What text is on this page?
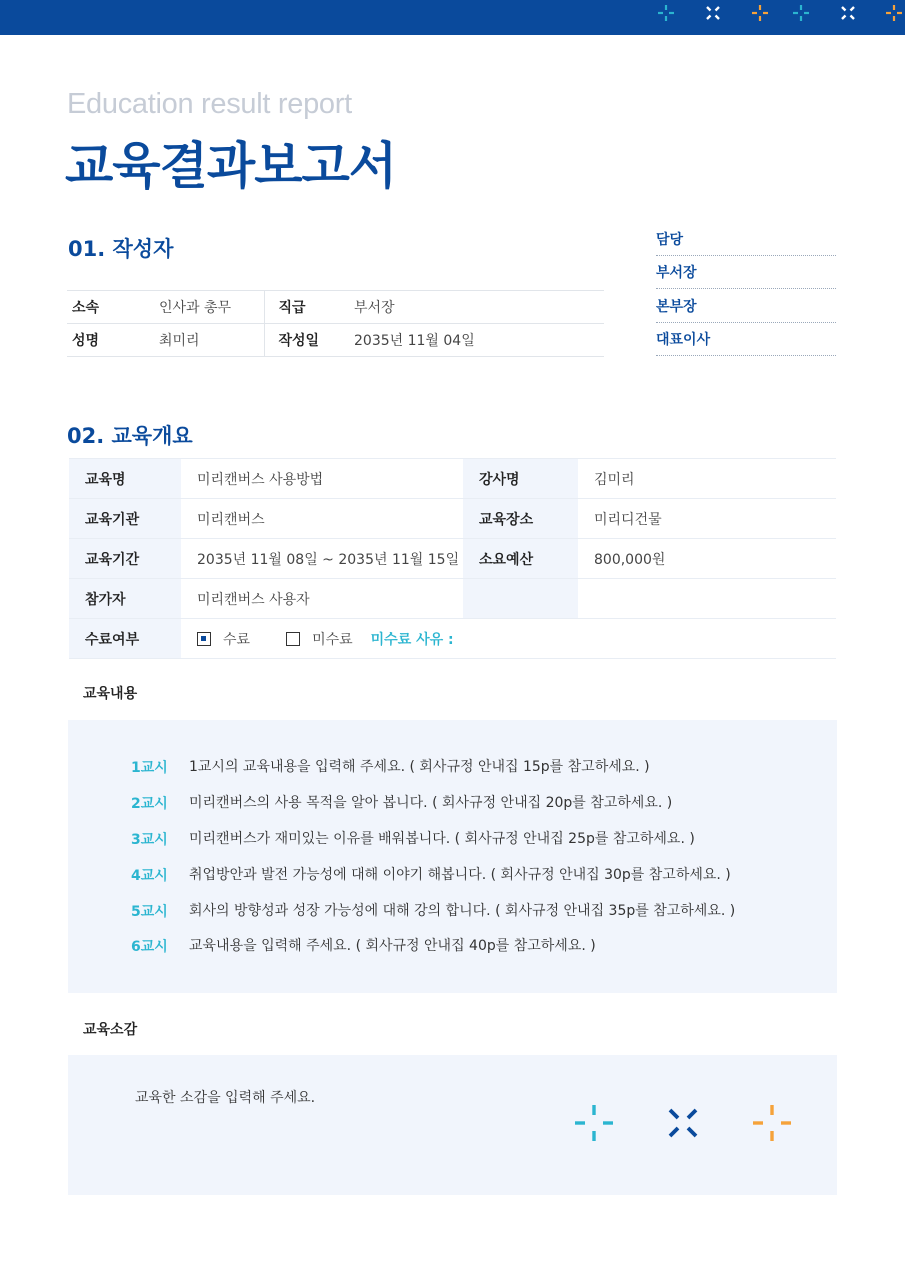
Education result report
교육결과보고서
01. 작성자	담당
부서장
본부장
대표이사
소속	인사과 총무	직급	부서장
성명	최미리	작성일	2035년 11월 04일
02. 교육개요
교육명	미리캔버스 사용방법	강사명	김미리
교육기관	미리캔버스	교육장소	미리디건물
교육기간	2035년 11월 08일 ~ 2035년 11월 15일	소요예산	800,000원
참가자	미리캔버스 사용자		
수료여부	수료 미수료 미수료 사유 :		
교육내용
1교시 1교시의 교육내용을 입력해 주세요. ( 회사규정 안내집 15p를 참고하세요. )
2교시 미리캔버스의 사용 목적을 알아 봅니다. ( 회사규정 안내집 20p를 참고하세요. )
3교시 미리캔버스가 재미있는 이유를 배워봅니다. ( 회사규정 안내집 25p를 참고하세요. )
4교시 취업방안과 발전 가능성에 대해 이야기 해봅니다. ( 회사규정 안내집 30p를 참고하세요. )
5교시 회사의 방향성과 성장 가능성에 대해 강의 합니다. ( 회사규정 안내집 35p를 참고하세요. )
6교시 교육내용을 입력해 주세요. ( 회사규정 안내집 40p를 참고하세요. )
교육소감
교육한 소감을 입력해 주세요.
